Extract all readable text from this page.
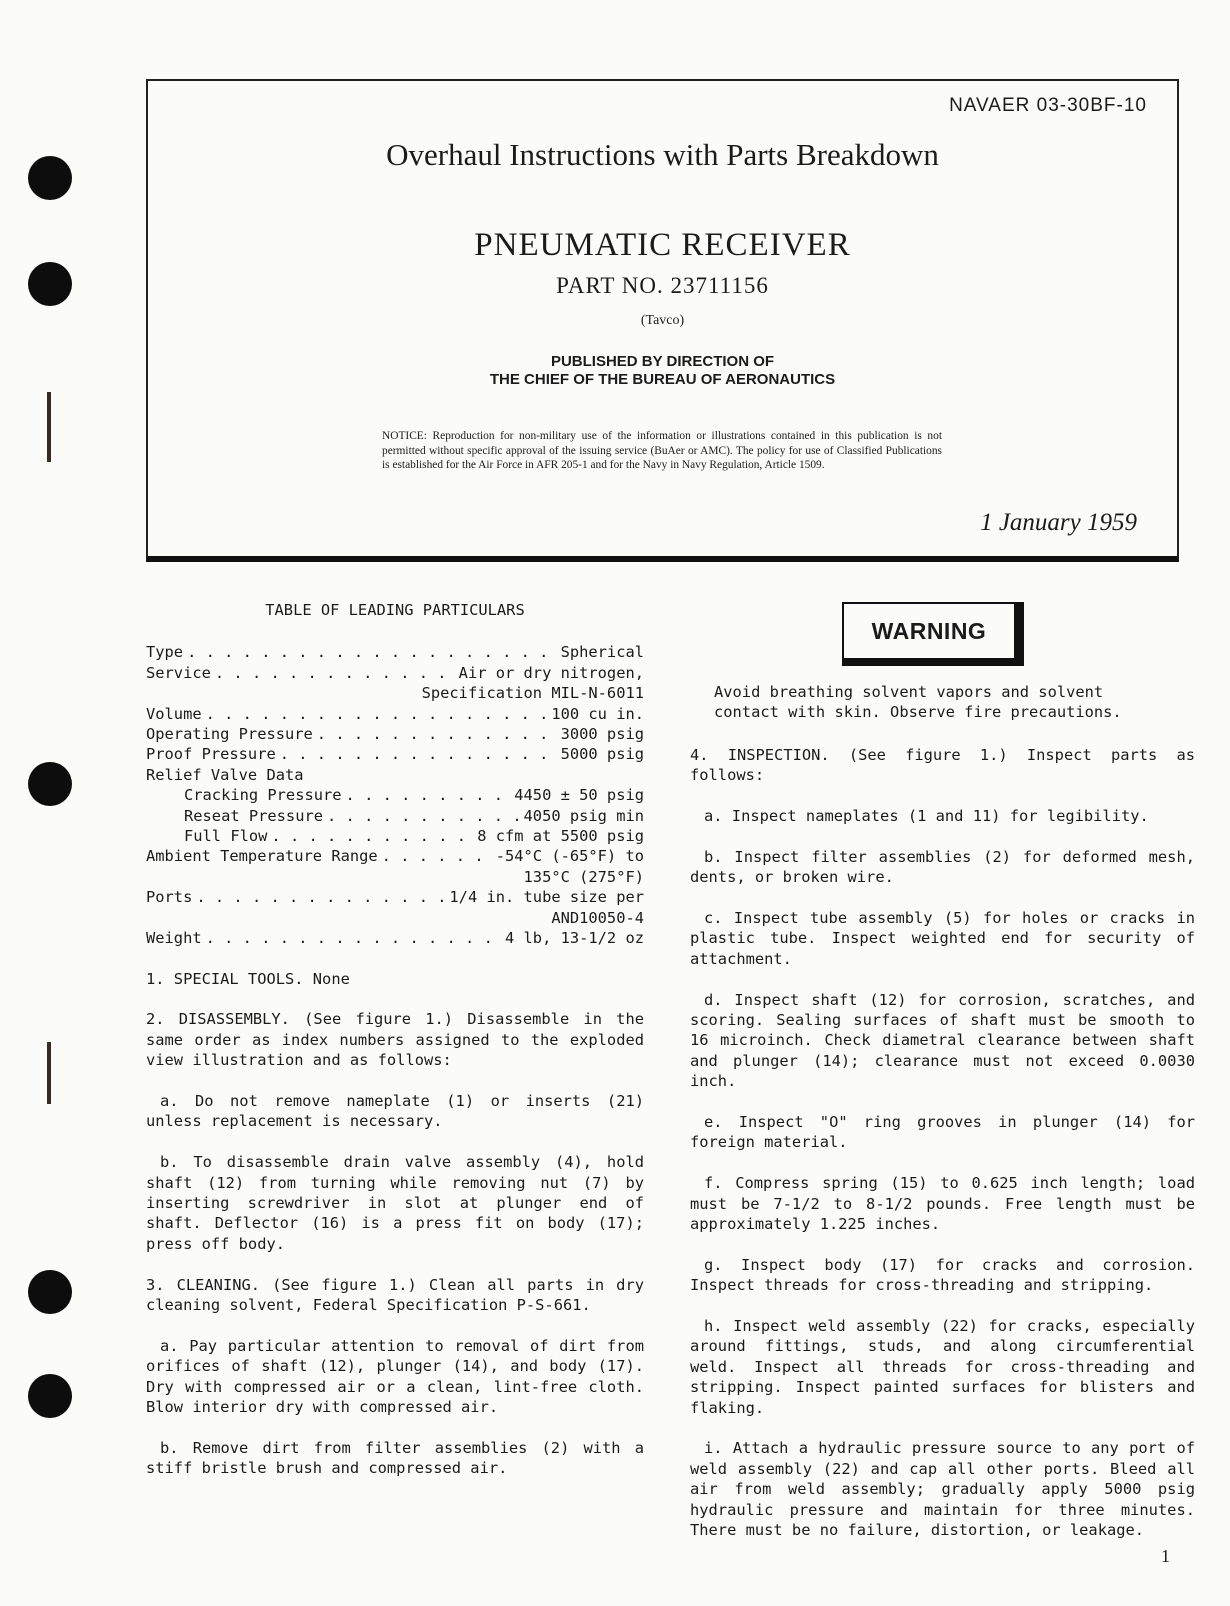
NAVAER 03-30BF-10
Overhaul Instructions with Parts Breakdown
PNEUMATIC RECEIVER
PART NO. 23711156
(Tavco)
PUBLISHED BY DIRECTION OF
THE CHIEF OF THE BUREAU OF AERONAUTICS
NOTICE: Reproduction for non-military use of the information or illustrations contained in this publication is not permitted without specific approval of the issuing service (BuAer or AMC). The policy for use of Classified Publications is established for the Air Force in AFR 205-1 and for the Navy in Navy Regulation, Article 1509.
1 January 1959
TABLE OF LEADING PARTICULARS
Type . . .	Spherical
Service . . .	Air or dry nitrogen,
Specification MIL-N-6011
Volume . . .	100 cu in.
Operating Pressure . . .	3000 psig
Proof Pressure . . .	5000 psig
Relief Valve Data
Cracking Pressure . . .	4450 ± 50 psig
Reseat Pressure . . .	4050 psig min
Full Flow . . .	8 cfm at 5500 psig
Ambient Temperature Range . . .	-54°C (-65°F) to
135°C (275°F)
Ports . . .	1/4 in. tube size per
AND10050-4
Weight . . .	4 lb, 13-1/2 oz

1. SPECIAL TOOLS. None

2. DISASSEMBLY. (See figure 1.) Disassemble in the same order as index numbers assigned to the exploded view illustration and as follows:

a. Do not remove nameplate (1) or inserts (21) unless replacement is necessary.

b. To disassemble drain valve assembly (4), hold shaft (12) from turning while removing nut (7) by inserting screwdriver in slot at plunger end of shaft. Deflector (16) is a press fit on body (17); press off body.

3. CLEANING. (See figure 1.) Clean all parts in dry cleaning solvent, Federal Specification P-S-661.

a. Pay particular attention to removal of dirt from orifices of shaft (12), plunger (14), and body (17). Dry with compressed air or a clean, lint-free cloth. Blow interior dry with compressed air.

b. Remove dirt from filter assemblies (2) with a stiff bristle brush and compressed air.

WARNING
Avoid breathing solvent vapors and solvent contact with skin. Observe fire precautions.

4. INSPECTION. (See figure 1.) Inspect parts as follows:

a. Inspect nameplates (1 and 11) for legibility.

b. Inspect filter assemblies (2) for deformed mesh, dents, or broken wire.

c. Inspect tube assembly (5) for holes or cracks in plastic tube. Inspect weighted end for security of attachment.

d. Inspect shaft (12) for corrosion, scratches, and scoring. Sealing surfaces of shaft must be smooth to 16 microinch. Check diametral clearance between shaft and plunger (14); clearance must not exceed 0.0030 inch.

e. Inspect "O" ring grooves in plunger (14) for foreign material.

f. Compress spring (15) to 0.625 inch length; load must be 7-1/2 to 8-1/2 pounds. Free length must be approximately 1.225 inches.

g. Inspect body (17) for cracks and corrosion. Inspect threads for cross-threading and stripping.

h. Inspect weld assembly (22) for cracks, especially around fittings, studs, and along circumferential weld. Inspect all threads for cross-threading and stripping. Inspect painted surfaces for blisters and flaking.

i. Attach a hydraulic pressure source to any port of weld assembly (22) and cap all other ports. Bleed all air from weld assembly; gradually apply 5000 psig hydraulic pressure and maintain for three minutes. There must be no failure, distortion, or leakage.

1
